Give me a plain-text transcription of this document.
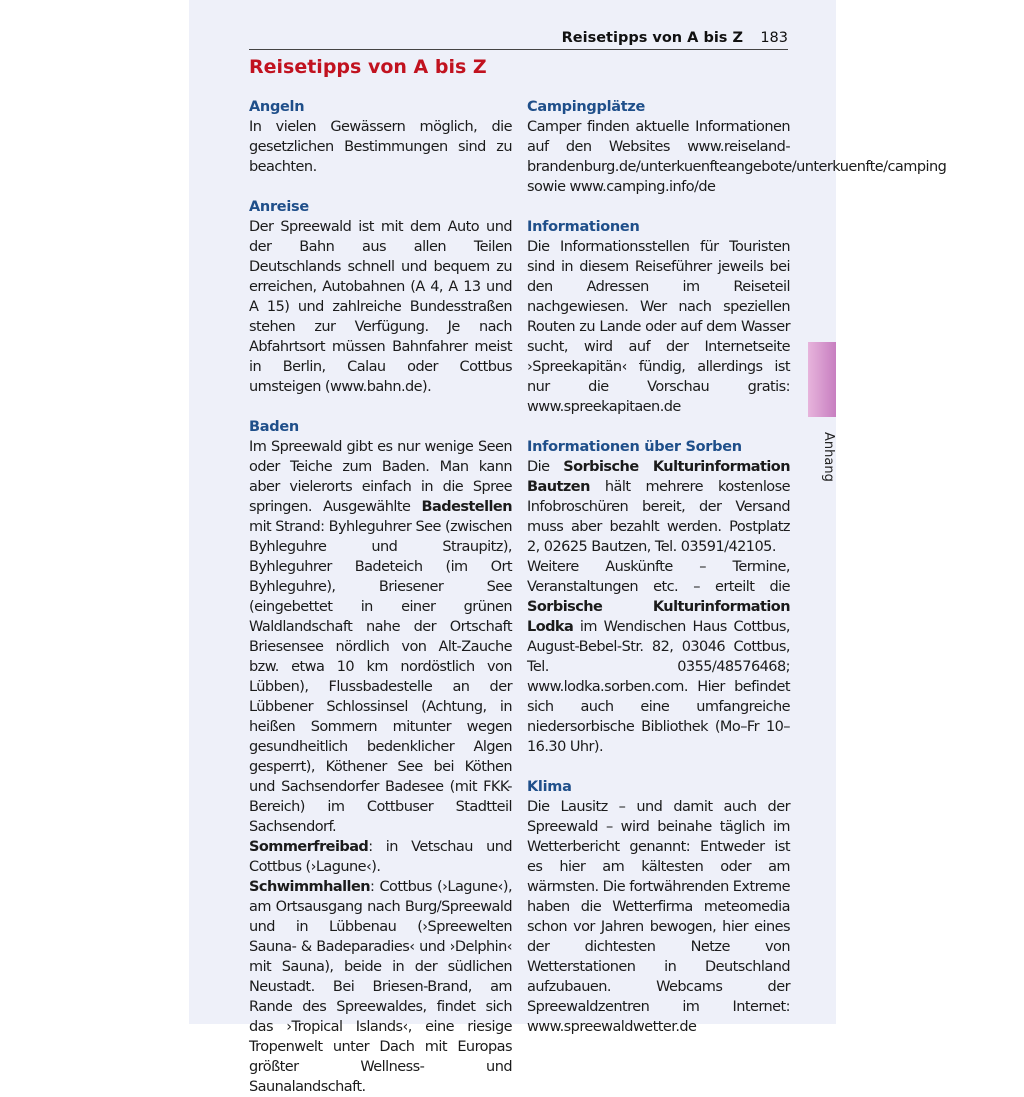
Reisetipps von A bis Z 183
Reisetipps von A bis Z
Angeln

In vielen Gewässern möglich, die gesetzlichen Bestimmungen sind zu beachten.

Anreise

Der Spreewald ist mit dem Auto und der Bahn aus allen Teilen Deutschlands schnell und bequem zu erreichen, Autobahnen (A 4, A 13 und A 15) und zahlreiche Bundesstraßen stehen zur Verfügung. Je nach Abfahrtsort müssen Bahnfahrer meist in Berlin, Calau oder Cottbus umsteigen (www.bahn.de).

Baden

Im Spreewald gibt es nur wenige Seen oder Teiche zum Baden. Man kann aber vielerorts einfach in die Spree springen. Ausgewählte Badestellen mit Strand: Byhleguhrer See (zwischen Byhleguhre und Straupitz), Byhleguhrer Badeteich (im Ort Byhleguhre), Briesener See (eingebettet in einer grünen Waldlandschaft nahe der Ortschaft Briesensee nördlich von Alt-Zauche bzw. etwa 10 km nordöstlich von Lübben), Flussbadestelle an der Lübbener Schlossinsel (Achtung, in heißen Sommern mitunter wegen gesundheitlich bedenklicher Algen gesperrt), Köthener See bei Köthen und Sachsendorfer Badesee (mit FKK-Bereich) im Cottbuser Stadtteil Sachsendorf.

Sommerfreibad: in Vetschau und Cottbus (›Lagune‹).

Schwimmhallen: Cottbus (›Lagune‹), am Ortsausgang nach Burg/Spreewald und in Lübbenau (›Spreewelten Sauna- & Badeparadies‹ und ›Delphin‹ mit Sauna), beide in der südlichen Neustadt. Bei Briesen-Brand, am Rande des Spreewaldes, findet sich das ›Tropical Islands‹, eine riesige Tropenwelt unter Dach mit Europas größter Wellness- und Saunalandschaft.

Campingplätze

Camper finden aktuelle Informationen auf den Websites www.reiseland-brandenburg.de/unterkuenfteangebote/unterkuenfte/camping sowie www.camping.info/de

Informationen

Die Informationsstellen für Touristen sind in diesem Reiseführer jeweils bei den Adressen im Reiseteil nachgewiesen. Wer nach speziellen Routen zu Lande oder auf dem Wasser sucht, wird auf der Internetseite ›Spreekapitän‹ fündig, allerdings ist nur die Vorschau gratis: www.spreekapitaen.de

Informationen über Sorben

Die Sorbische Kulturinformation Bautzen hält mehrere kostenlose Infobroschüren bereit, der Versand muss aber bezahlt werden. Postplatz 2, 02625 Bautzen, Tel. 03591/42105.

Weitere Auskünfte – Termine, Veranstaltungen etc. – erteilt die Sorbische Kulturinformation Lodka im Wendischen Haus Cottbus, August-Bebel-Str. 82, 03046 Cottbus, Tel. 0355/48576468; www.lodka.sorben.com. Hier befindet sich auch eine umfangreiche niedersorbische Bibliothek (Mo–Fr 10–16.30 Uhr).

Klima

Die Lausitz – und damit auch der Spreewald – wird beinahe täglich im Wetterbericht genannt: Entweder ist es hier am kältesten oder am wärmsten. Die fortwährenden Extreme haben die Wetterfirma meteomedia schon vor Jahren bewogen, hier eines der dichtesten Netze von Wetterstationen in Deutschland aufzubauen. Webcams der Spreewaldzentren im Internet: www.spreewaldwetter.de

Anhang
